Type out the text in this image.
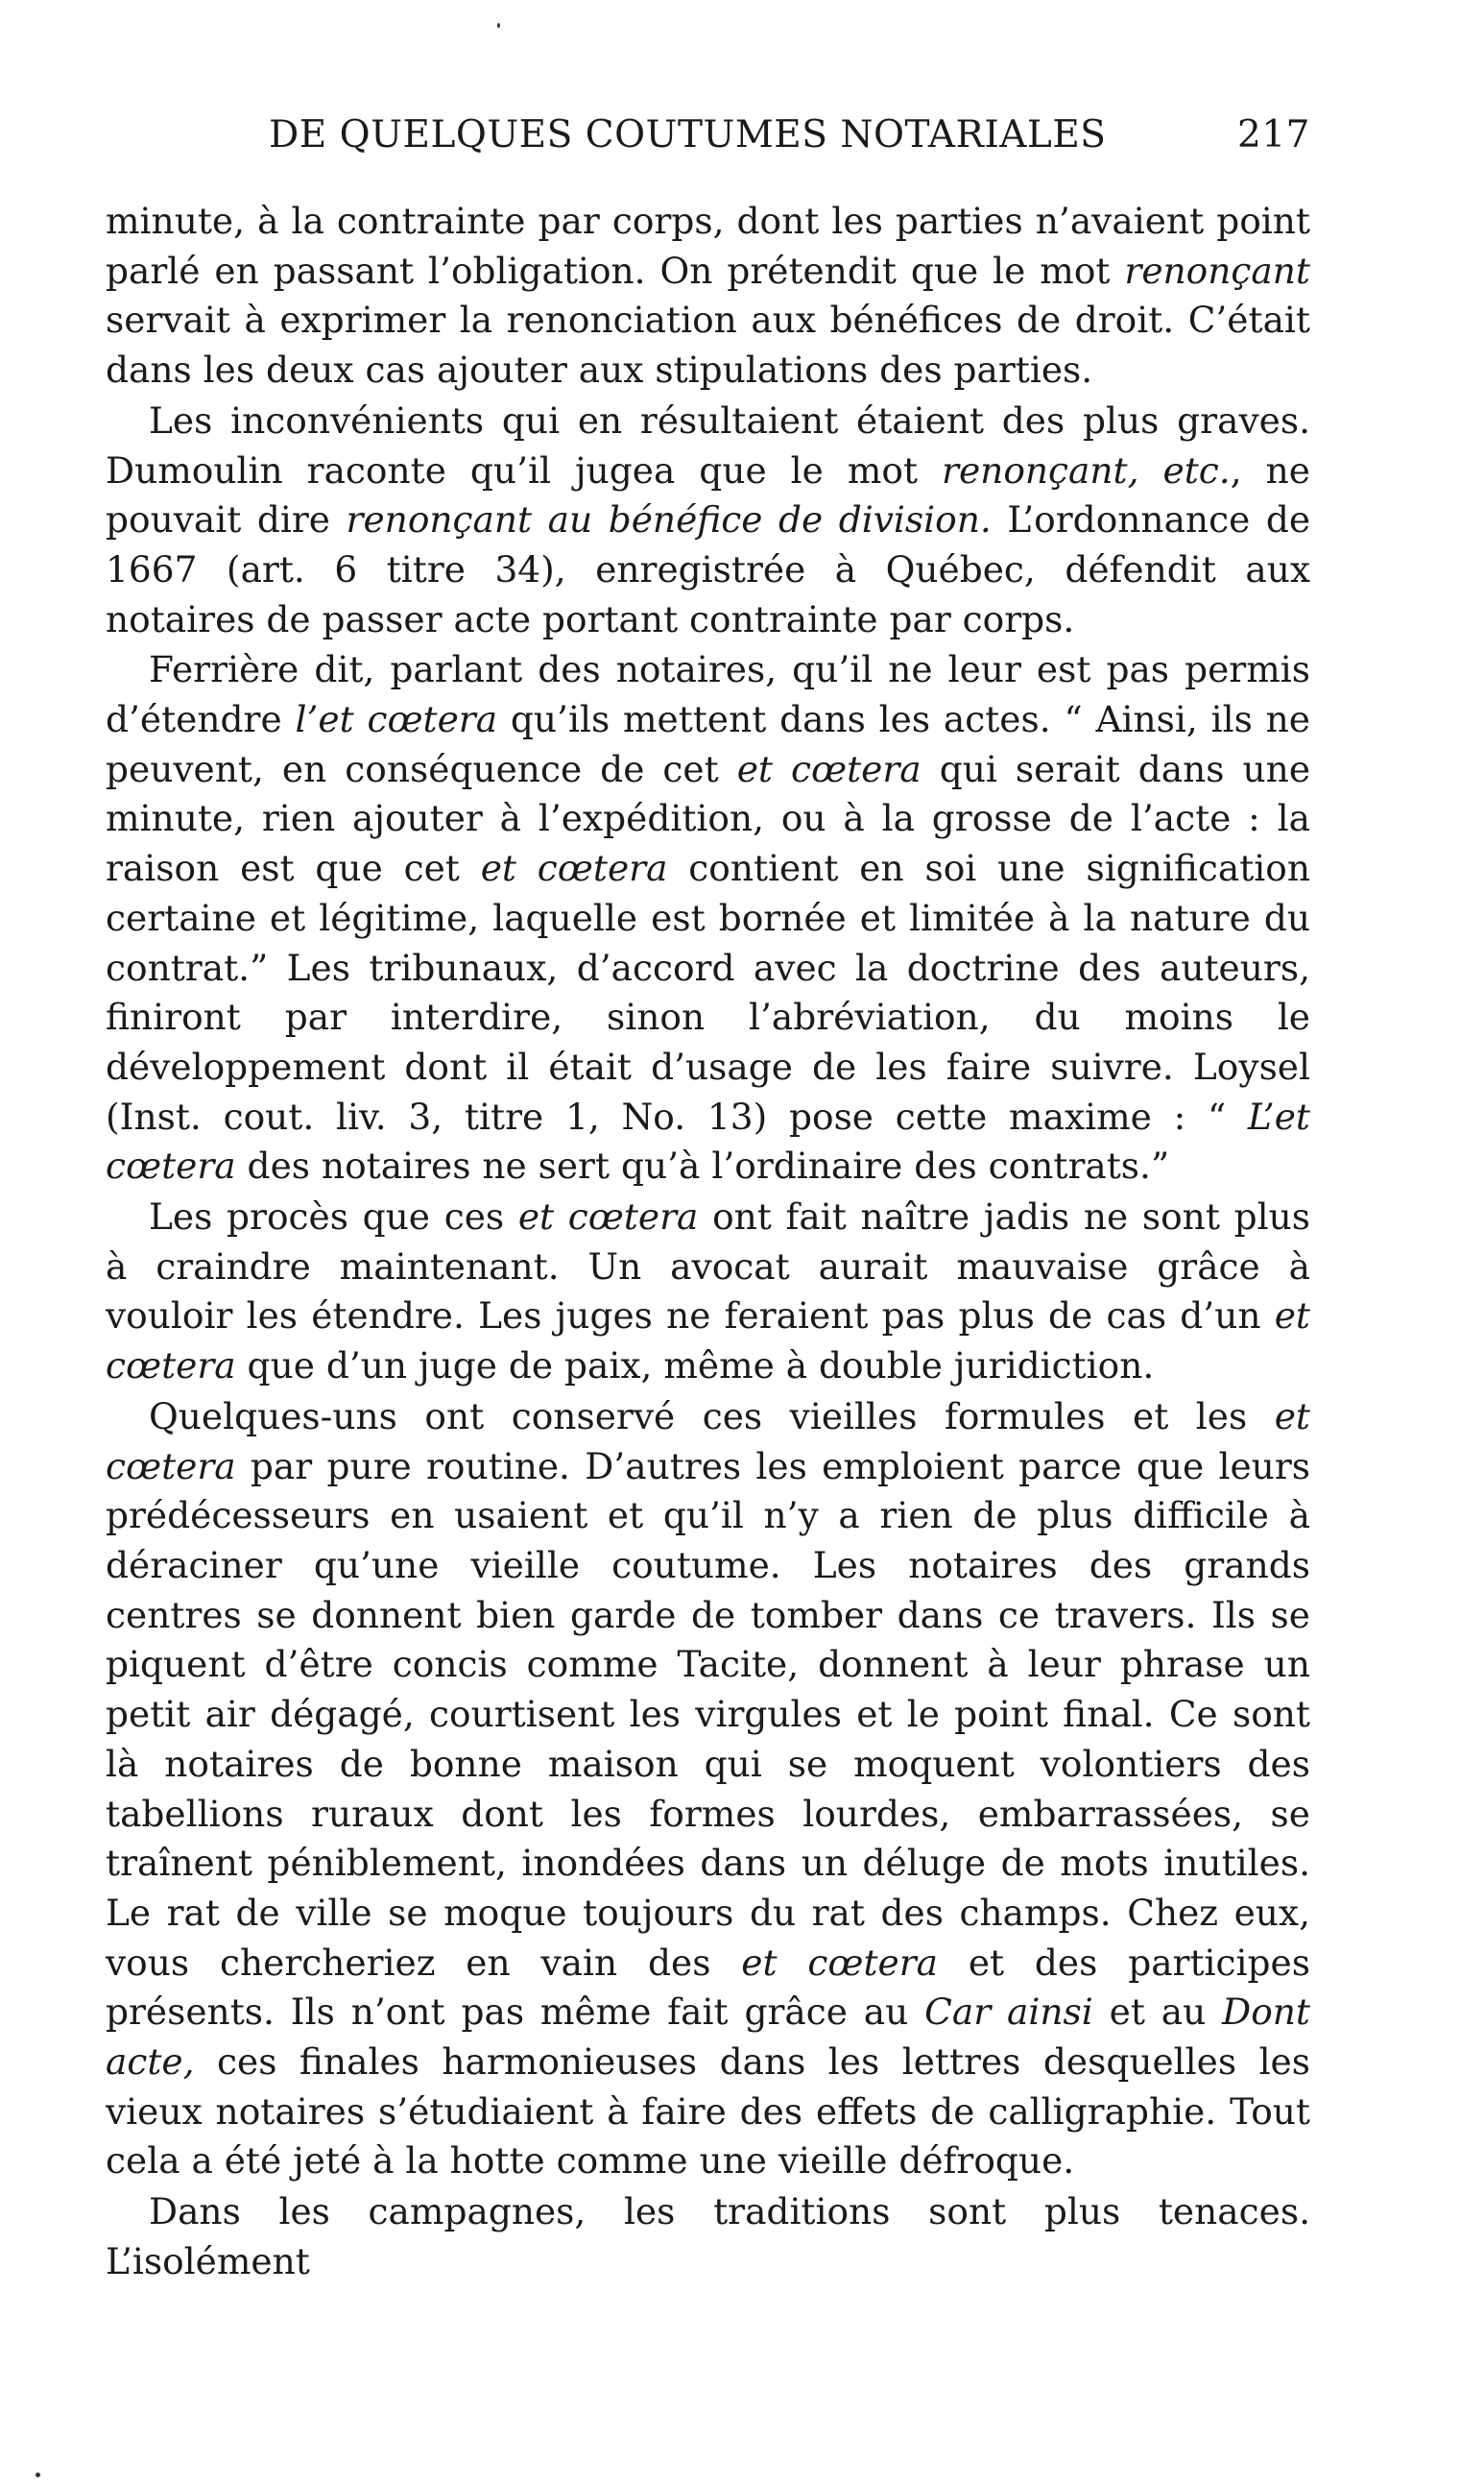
DE QUELQUES COUTUMES NOTARIALES	217

minute, à la contrainte par corps, dont les parties n’avaient point parlé en passant l’obligation. On prétendit que le mot renonçant servait à exprimer la renonciation aux bénéfices de droit. C’était dans les deux cas ajouter aux stipulations des parties.

Les inconvénients qui en résultaient étaient des plus graves. Dumoulin raconte qu’il jugea que le mot renonçant, etc., ne pouvait dire renonçant au bénéfice de division. L’ordonnance de 1667 (art. 6 titre 34), enregistrée à Québec, défendit aux notaires de passer acte portant contrainte par corps.

Ferrière dit, parlant des notaires, qu’il ne leur est pas permis d’étendre l’et cœtera qu’ils mettent dans les actes. “ Ainsi, ils ne peuvent, en conséquence de cet et cœtera qui serait dans une minute, rien ajouter à l’expédition, ou à la grosse de l’acte : la raison est que cet et cœtera contient en soi une signification certaine et légitime, laquelle est bornée et limitée à la nature du contrat.” Les tribunaux, d’accord avec la doctrine des auteurs, finiront par interdire, sinon l’abréviation, du moins le développement dont il était d’usage de les faire suivre. Loysel (Inst. cout. liv. 3, titre 1, No. 13) pose cette maxime : “ L’et cœtera des notaires ne sert qu’à l’ordinaire des contrats.”

Les procès que ces et cœtera ont fait naître jadis ne sont plus à craindre maintenant. Un avocat aurait mauvaise grâce à vouloir les étendre. Les juges ne feraient pas plus de cas d’un et cœtera que d’un juge de paix, même à double juridiction.

Quelques-uns ont conservé ces vieilles formules et les et cœtera par pure routine. D’autres les emploient parce que leurs prédécesseurs en usaient et qu’il n’y a rien de plus difficile à déraciner qu’une vieille coutume. Les notaires des grands centres se donnent bien garde de tomber dans ce travers. Ils se piquent d’être concis comme Tacite, donnent à leur phrase un petit air dégagé, courtisent les virgules et le point final. Ce sont là notaires de bonne maison qui se moquent volontiers des tabellions ruraux dont les formes lourdes, embarrassées, se traînent péniblement, inondées dans un déluge de mots inutiles. Le rat de ville se moque toujours du rat des champs. Chez eux, vous chercheriez en vain des et cœtera et des participes présents. Ils n’ont pas même fait grâce au Car ainsi et au Dont acte, ces finales harmonieuses dans les lettres desquelles les vieux notaires s’étudiaient à faire des effets de calligraphie. Tout cela a été jeté à la hotte comme une vieille défroque.

Dans les campagnes, les traditions sont plus tenaces. L’isolément
